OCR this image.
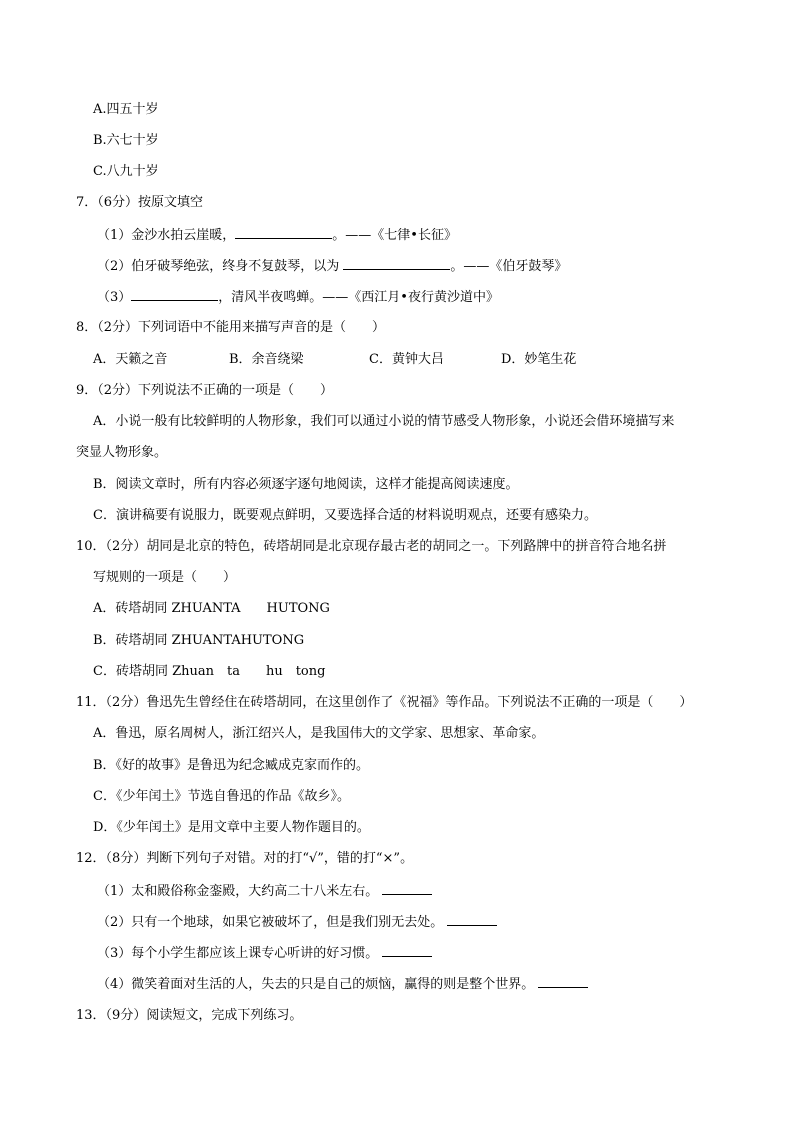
A.四五十岁
B.六七十岁
C.八九十岁
7．（6分）按原文填空
（1）金沙水拍云崖暖，	。——《七律•长征》
（2）伯牙破琴绝弦，终身不复鼓琴，以为	。——《伯牙鼓琴》
（3）	，清风半夜鸣蝉。——《西江月•夜行黄沙道中》
8．（2分）下列词语中不能用来描写声音的是（　　）
A．天籁之音	B．余音绕梁	C．黄钟大吕	D．妙笔生花
9．（2分）下列说法不正确的一项是（　　）
A．小说一般有比较鲜明的人物形象，我们可以通过小说的情节感受人物形象，小说还会借环境描写来
突显人物形象。
B．阅读文章时，所有内容必须逐字逐句地阅读，这样才能提高阅读速度。
C．演讲稿要有说服力，既要观点鲜明，又要选择合适的材料说明观点，还要有感染力。
10．（2分）胡同是北京的特色，砖塔胡同是北京现存最古老的胡同之一。下列路牌中的拼音符合地名拼
写规则的一项是（　　）
A．砖塔胡同 ZHUANTA　　HUTONG
B．砖塔胡同 ZHUANTAHUTONG
C．砖塔胡同 Zhuan　ta　　hu　tong
11．（2分）鲁迅先生曾经住在砖塔胡同，在这里创作了《祝福》等作品。下列说法不正确的一项是（　　）
A．鲁迅，原名周树人，浙江绍兴人，是我国伟大的文学家、思想家、革命家。
B．《好的故事》是鲁迅为纪念臧成克家而作的。
C．《少年闰土》节选自鲁迅的作品《故乡》。
D．《少年闰土》是用文章中主要人物作题目的。
12．（8分）判断下列句子对错。对的打“√”，错的打“×”。
（1）太和殿俗称金銮殿，大约高二十八米左右。
（2）只有一个地球，如果它被破坏了，但是我们别无去处。
（3）每个小学生都应该上课专心听讲的好习惯。
（4）微笑着面对生活的人，失去的只是自己的烦恼，赢得的则是整个世界。
13．（9分）阅读短文，完成下列练习。
